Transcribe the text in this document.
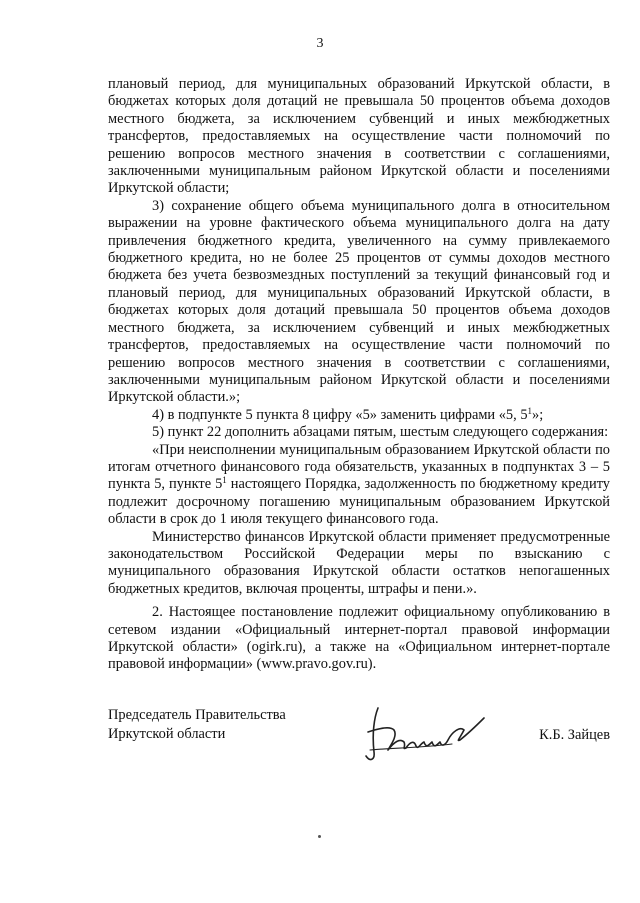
3

плановый период, для муниципальных образований Иркутской области, в бюджетах которых доля дотаций не превышала 50 процентов объема доходов местного бюджета, за исключением субвенций и иных межбюджетных трансфертов, предоставляемых на осуществление части полномочий по решению вопросов местного значения в соответствии с соглашениями, заключенными муниципальным районом Иркутской области и поселениями Иркутской области;

3) сохранение общего объема муниципального долга в относительном выражении на уровне фактического объема муниципального долга на дату привлечения бюджетного кредита, увеличенного на сумму привлекаемого бюджетного кредита, но не более 25 процентов от суммы доходов местного бюджета без учета безвозмездных поступлений за текущий финансовый год и плановый период, для муниципальных образований Иркутской области, в бюджетах которых доля дотаций превышала 50 процентов объема доходов местного бюджета, за исключением субвенций и иных межбюджетных трансфертов, предоставляемых на осуществление части полномочий по решению вопросов местного значения в соответствии с соглашениями, заключенными муниципальным районом Иркутской области и поселениями Иркутской области.»;

4) в подпункте 5 пункта 8 цифру «5» заменить цифрами «5, $5^1$»;

5) пункт 22 дополнить абзацами пятым, шестым следующего содержания:

«При неисполнении муниципальным образованием Иркутской области по итогам отчетного финансового года обязательств, указанных в подпунктах 3 – 5 пункта 5, пункте $5^1$ настоящего Порядка, задолженность по бюджетному кредиту подлежит досрочному погашению муниципальным образованием Иркутской области в срок до 1 июля текущего финансового года.

Министерство финансов Иркутской области применяет предусмотренные законодательством Российской Федерации меры по взысканию с муниципального образования Иркутской области остатков непогашенных бюджетных кредитов, включая проценты, штрафы и пени.».

2. Настоящее постановление подлежит официальному опубликованию в сетевом издании «Официальный интернет-портал правовой информации Иркутской области» (ogirk.ru), а также на «Официальном интернет-портале правовой информации» (www.pravo.gov.ru).

Председатель Правительства
Иркутской области	К.Б. Зайцев
